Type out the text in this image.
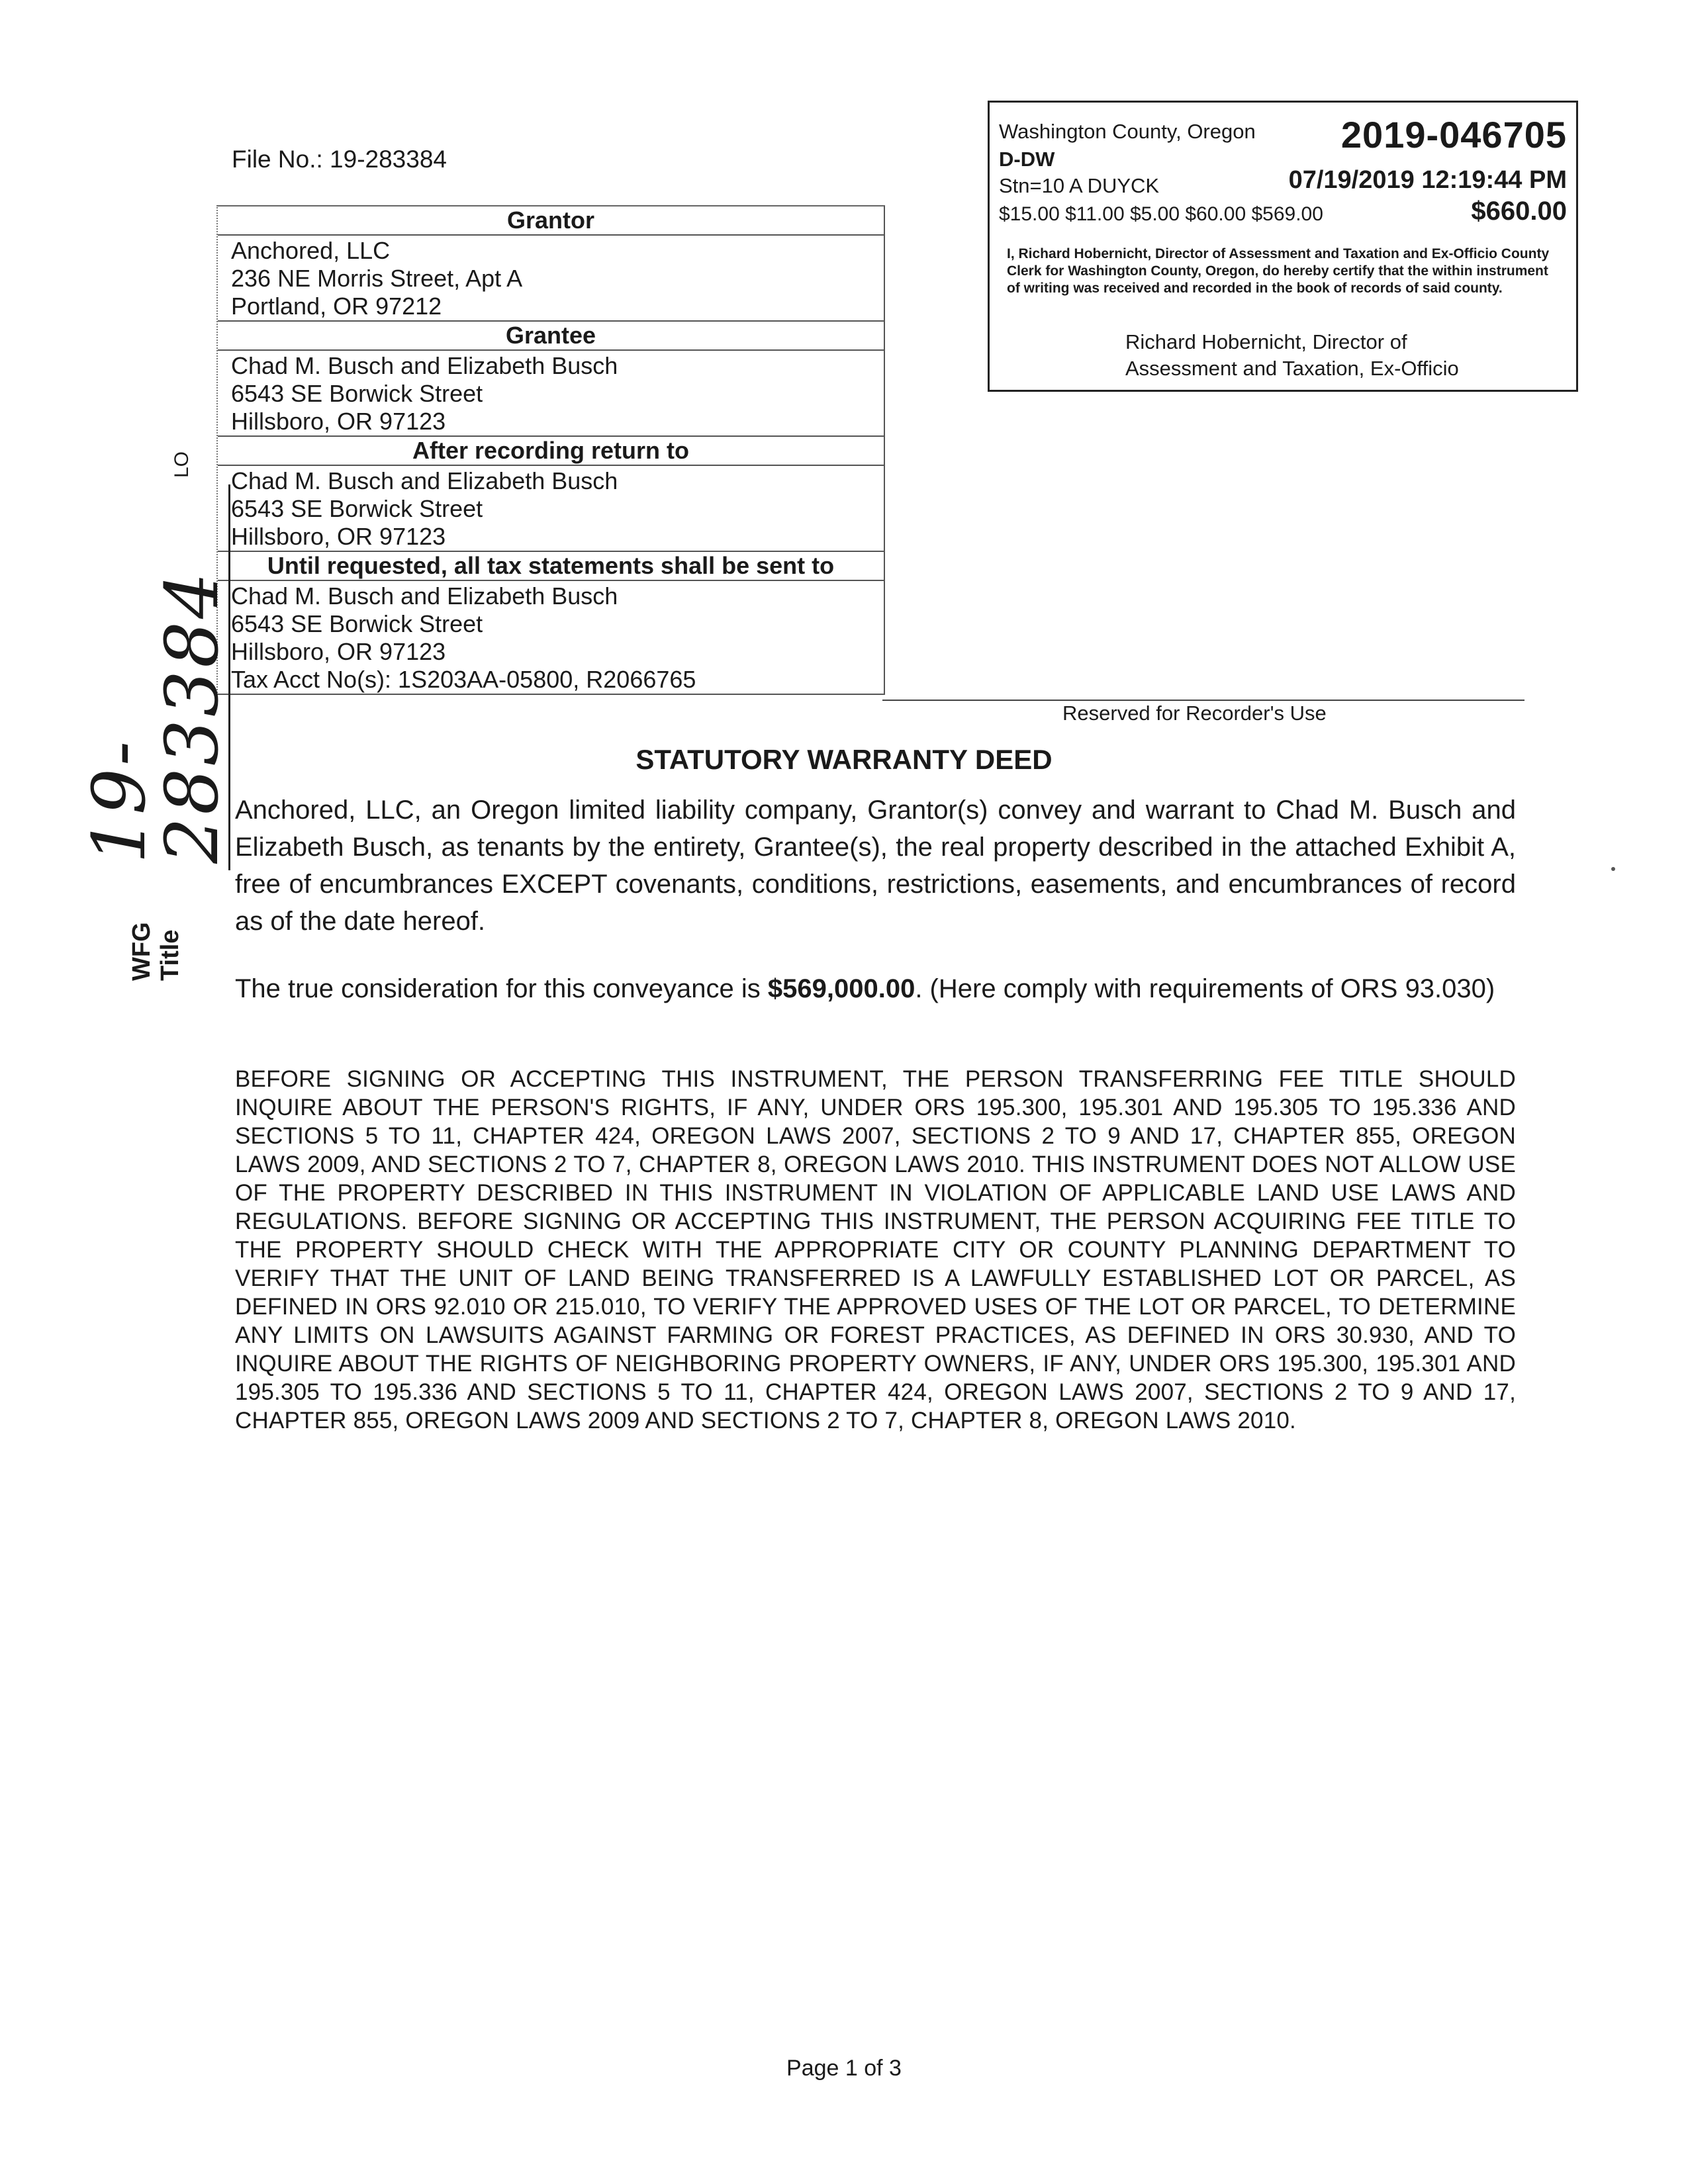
File No.: 19-283384
Grantor
Anchored, LLC
236 NE Morris Street, Apt A
Portland, OR 97212
Grantee
Chad M. Busch and Elizabeth Busch
6543 SE Borwick Street
Hillsboro, OR 97123
After recording return to
Chad M. Busch and Elizabeth Busch
6543 SE Borwick Street
Hillsboro, OR 97123
Until requested, all tax statements shall be sent to
Chad M. Busch and Elizabeth Busch
6543 SE Borwick Street
Hillsboro, OR 97123
Tax Acct No(s): 1S203AA-05800, R2066765
Washington County, Oregon 2019-046705
D-DW
Stn=10 A DUYCK	07/19/2019 12:19:44 PM
$15.00 $11.00 $5.00 $60.00 $569.00	$660.00
I, Richard Hobernicht, Director of Assessment and Taxation and Ex-Officio County Clerk for Washington County, Oregon, do hereby certify that the within instrument of writing was received and recorded in the book of records of said county.
Richard Hobernicht, Director of
Assessment and Taxation, Ex-Officio
Reserved for Recorder's Use
STATUTORY WARRANTY DEED
Anchored, LLC, an Oregon limited liability company, Grantor(s) convey and warrant to Chad M. Busch and Elizabeth Busch, as tenants by the entirety, Grantee(s), the real property described in the attached Exhibit A, free of encumbrances EXCEPT covenants, conditions, restrictions, easements, and encumbrances of record as of the date hereof.
The true consideration for this conveyance is $569,000.00. (Here comply with requirements of ORS 93.030)
BEFORE SIGNING OR ACCEPTING THIS INSTRUMENT, THE PERSON TRANSFERRING FEE TITLE SHOULD INQUIRE ABOUT THE PERSON'S RIGHTS, IF ANY, UNDER ORS 195.300, 195.301 AND 195.305 TO 195.336 AND SECTIONS 5 TO 11, CHAPTER 424, OREGON LAWS 2007, SECTIONS 2 TO 9 AND 17, CHAPTER 855, OREGON LAWS 2009, AND SECTIONS 2 TO 7, CHAPTER 8, OREGON LAWS 2010. THIS INSTRUMENT DOES NOT ALLOW USE OF THE PROPERTY DESCRIBED IN THIS INSTRUMENT IN VIOLATION OF APPLICABLE LAND USE LAWS AND REGULATIONS. BEFORE SIGNING OR ACCEPTING THIS INSTRUMENT, THE PERSON ACQUIRING FEE TITLE TO THE PROPERTY SHOULD CHECK WITH THE APPROPRIATE CITY OR COUNTY PLANNING DEPARTMENT TO VERIFY THAT THE UNIT OF LAND BEING TRANSFERRED IS A LAWFULLY ESTABLISHED LOT OR PARCEL, AS DEFINED IN ORS 92.010 OR 215.010, TO VERIFY THE APPROVED USES OF THE LOT OR PARCEL, TO DETERMINE ANY LIMITS ON LAWSUITS AGAINST FARMING OR FOREST PRACTICES, AS DEFINED IN ORS 30.930, AND TO INQUIRE ABOUT THE RIGHTS OF NEIGHBORING PROPERTY OWNERS, IF ANY, UNDER ORS 195.300, 195.301 AND 195.305 TO 195.336 AND SECTIONS 5 TO 11, CHAPTER 424, OREGON LAWS 2007, SECTIONS 2 TO 9 AND 17, CHAPTER 855, OREGON LAWS 2009 AND SECTIONS 2 TO 7, CHAPTER 8, OREGON LAWS 2010.
WFG Title
19-283384
LO
Page 1 of 3
